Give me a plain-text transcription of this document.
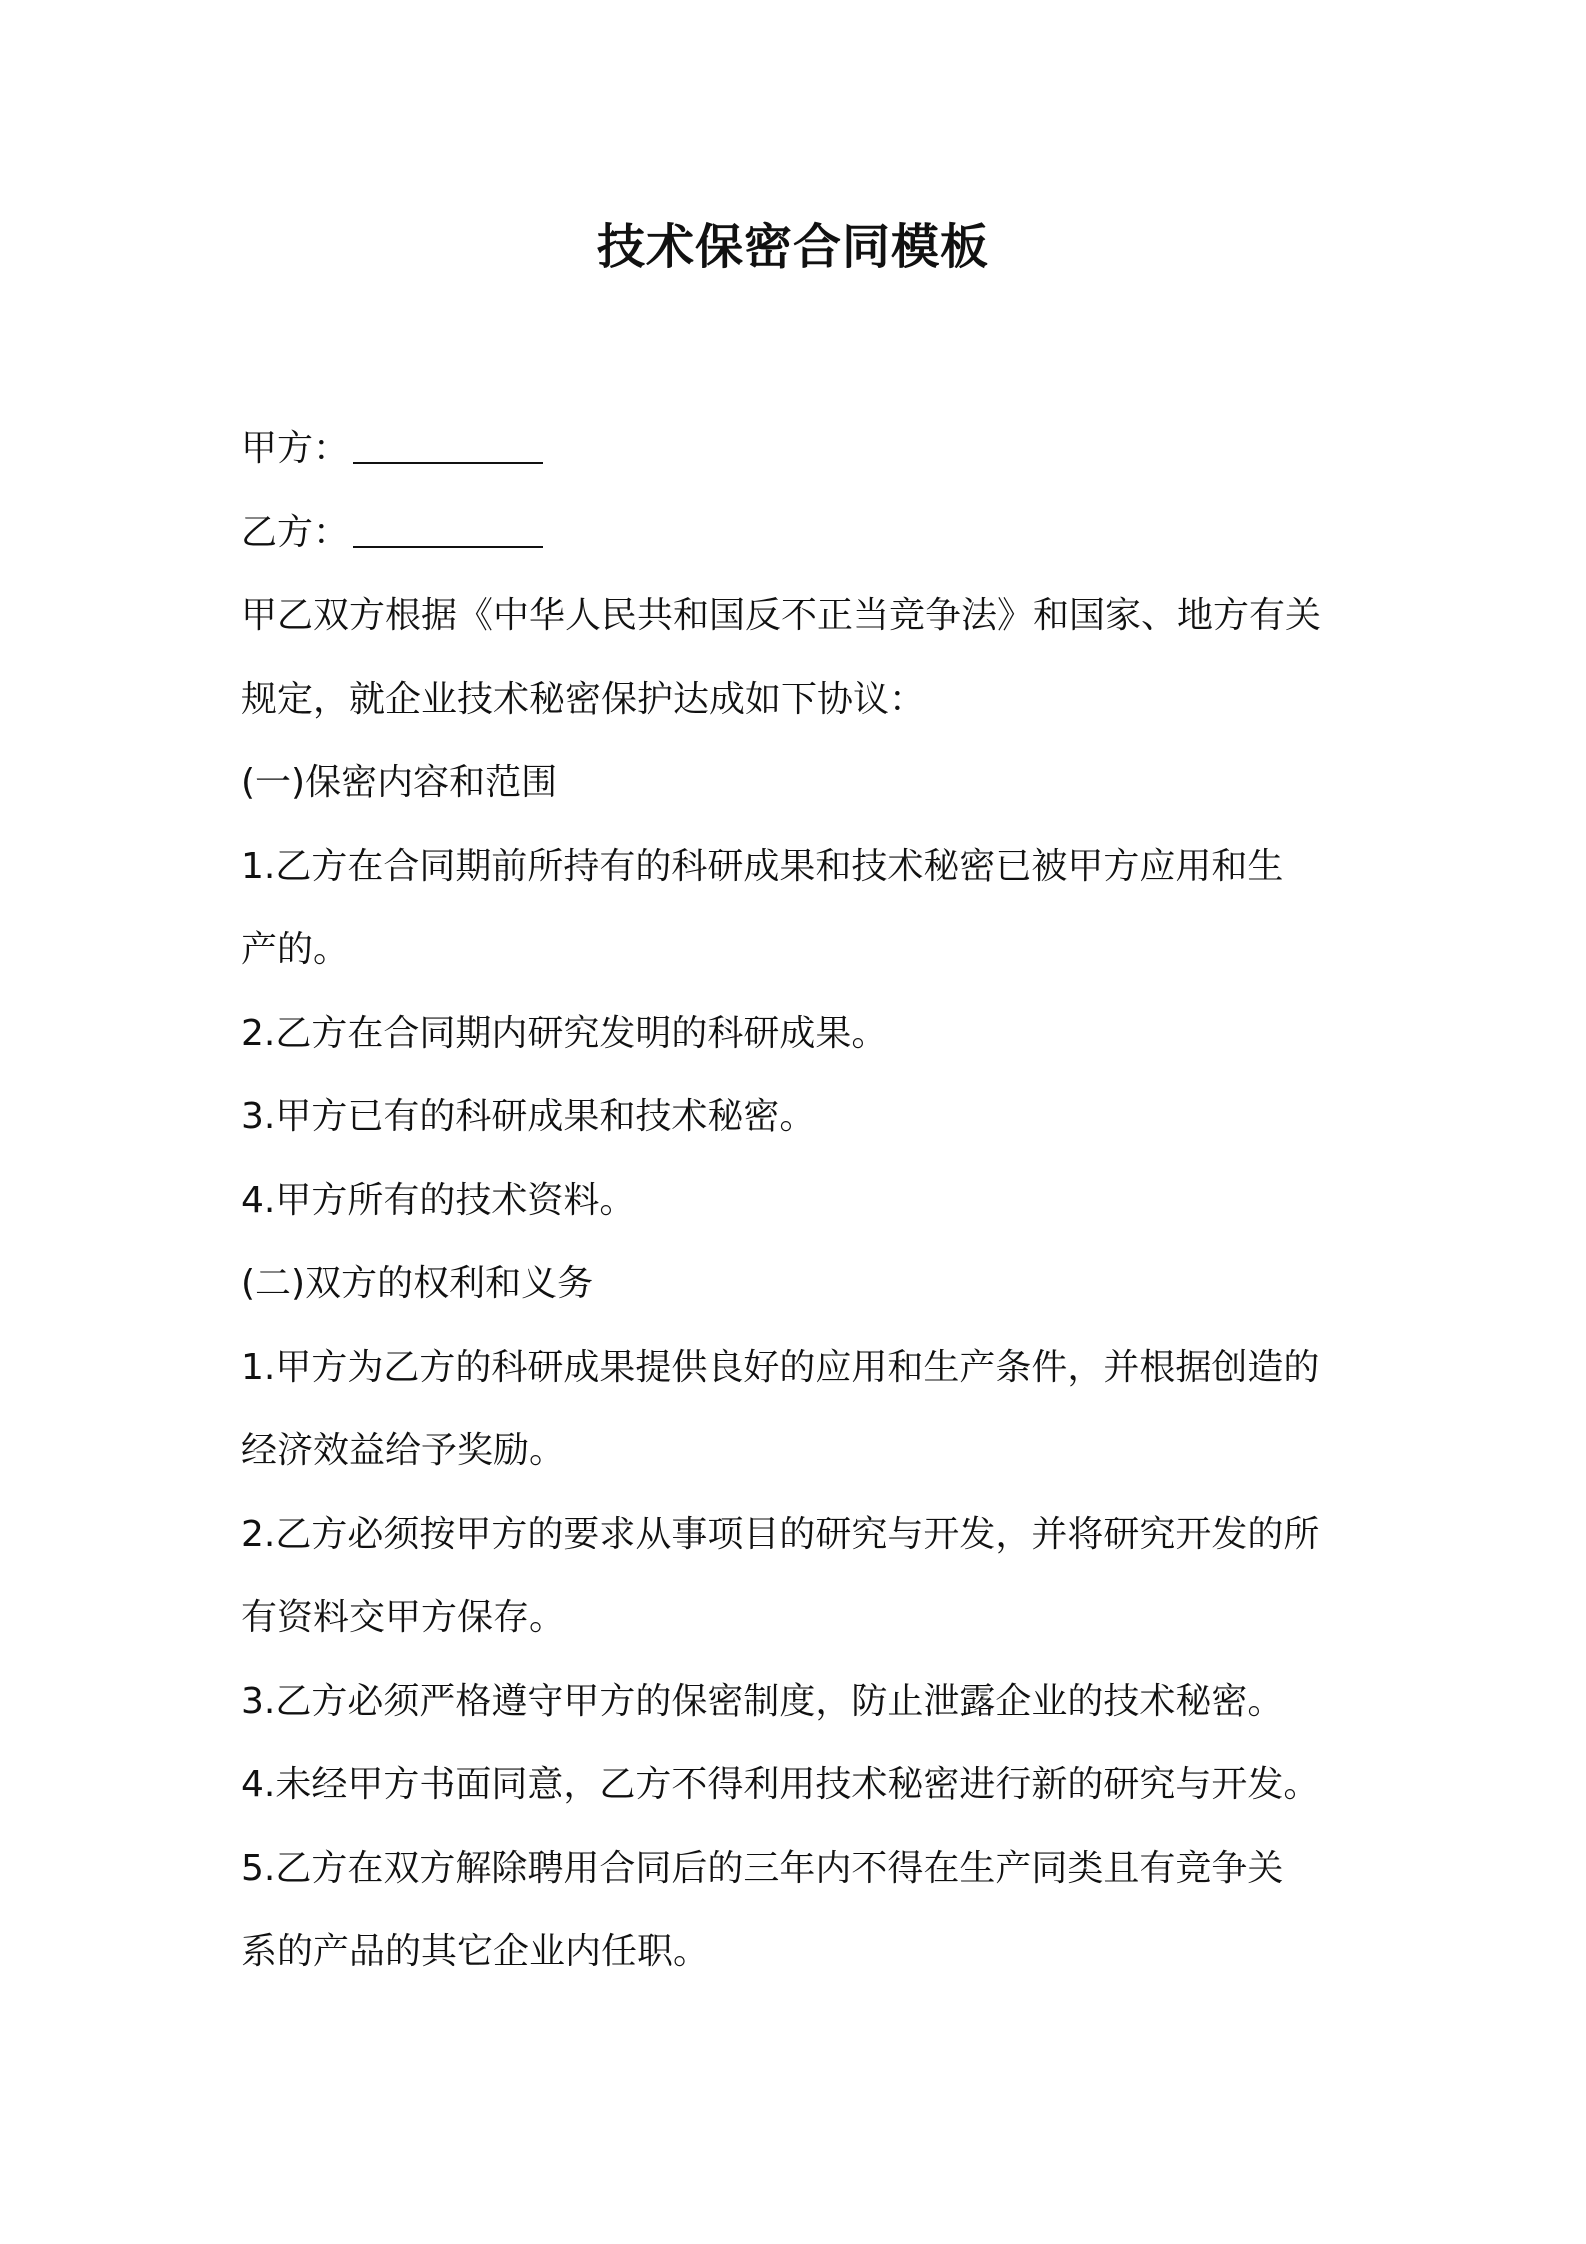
技术保密合同模板
甲方：
乙方：
甲乙双方根据《中华人民共和国反不正当竞争法》和国家、地方有关
规定，就企业技术秘密保护达成如下协议：
(一)保密内容和范围
1.乙方在合同期前所持有的科研成果和技术秘密已被甲方应用和生
产的。
2.乙方在合同期内研究发明的科研成果。
3.甲方已有的科研成果和技术秘密。
4.甲方所有的技术资料。
(二)双方的权利和义务
1.甲方为乙方的科研成果提供良好的应用和生产条件，并根据创造的
经济效益给予奖励。
2.乙方必须按甲方的要求从事项目的研究与开发，并将研究开发的所
有资料交甲方保存。
3.乙方必须严格遵守甲方的保密制度，防止泄露企业的技术秘密。
4.未经甲方书面同意，乙方不得利用技术秘密进行新的研究与开发。
5.乙方在双方解除聘用合同后的三年内不得在生产同类且有竞争关
系的产品的其它企业内任职。
